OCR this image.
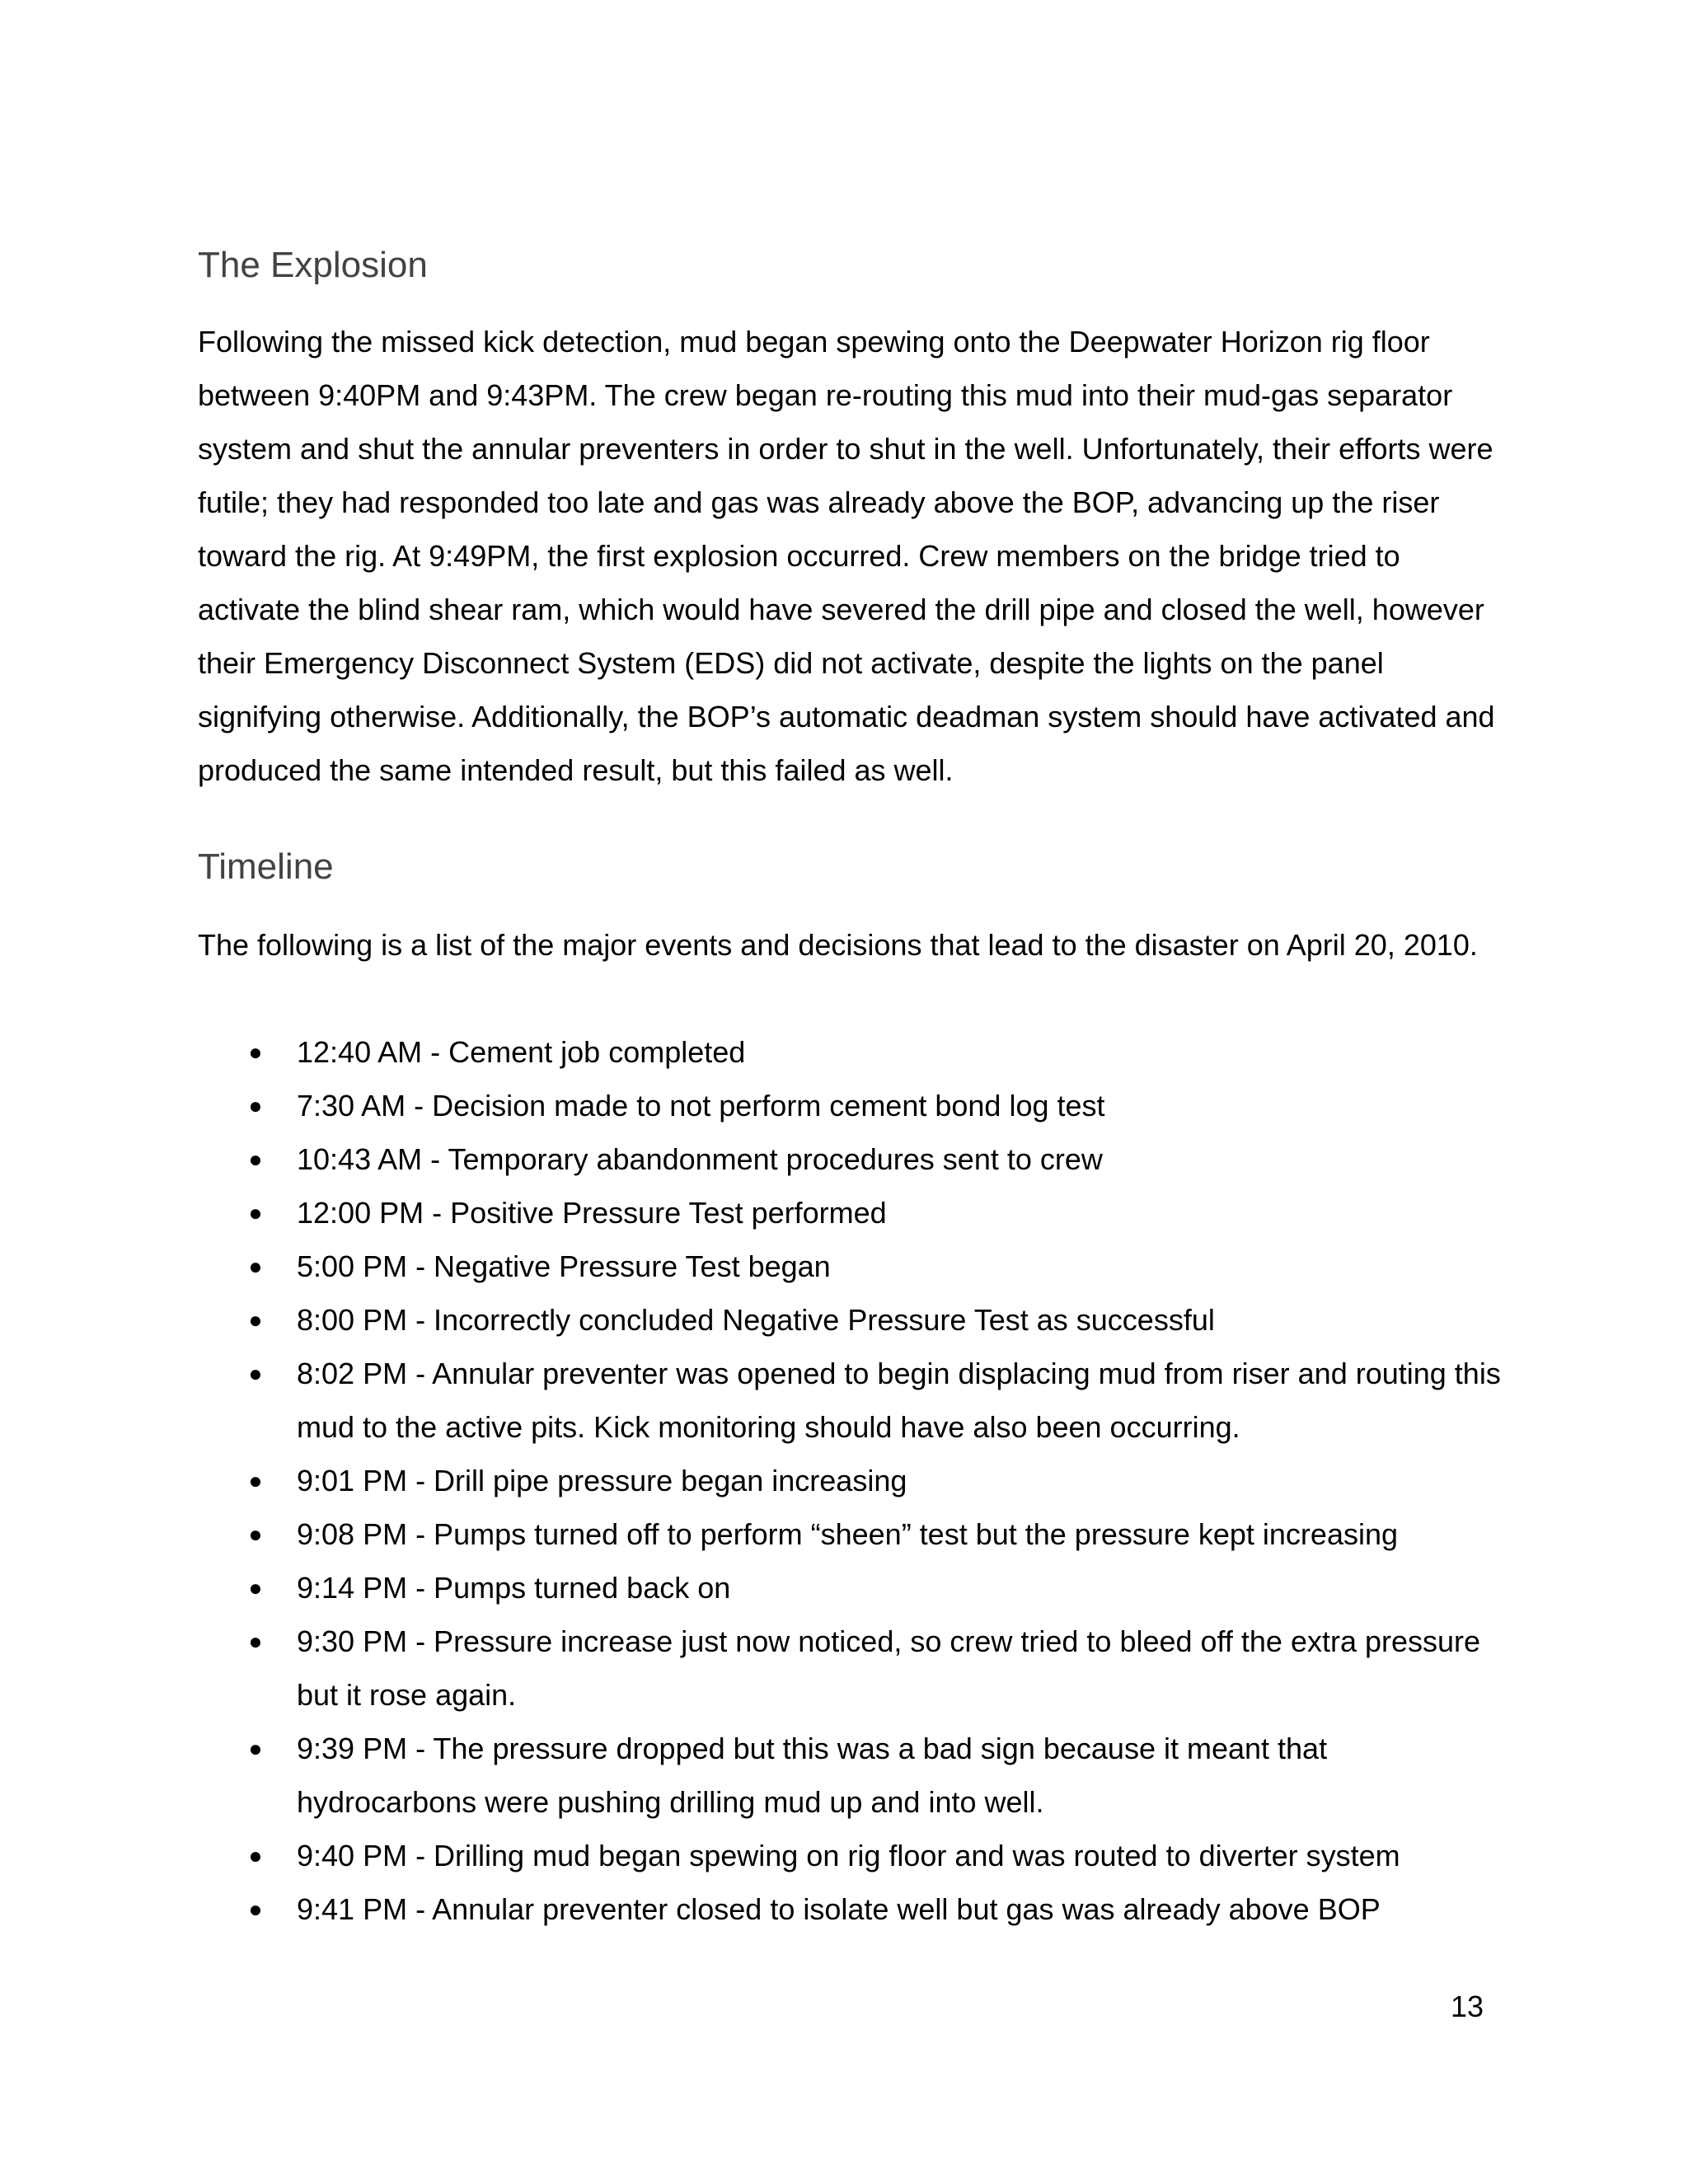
The Explosion

Following the missed kick detection, mud began spewing onto the Deepwater Horizon rig floor between 9:40PM and 9:43PM. The crew began re-routing this mud into their mud-gas separator system and shut the annular preventers in order to shut in the well. Unfortunately, their efforts were futile; they had responded too late and gas was already above the BOP, advancing up the riser toward the rig. At 9:49PM, the first explosion occurred. Crew members on the bridge tried to activate the blind shear ram, which would have severed the drill pipe and closed the well, however their Emergency Disconnect System (EDS) did not activate, despite the lights on the panel signifying otherwise. Additionally, the BOP’s automatic deadman system should have activated and produced the same intended result, but this failed as well.

Timeline

The following is a list of the major events and decisions that lead to the disaster on April 20, 2010.

● 12:40 AM - Cement job completed
● 7:30 AM - Decision made to not perform cement bond log test
● 10:43 AM - Temporary abandonment procedures sent to crew
● 12:00 PM - Positive Pressure Test performed
● 5:00 PM - Negative Pressure Test began
● 8:00 PM - Incorrectly concluded Negative Pressure Test as successful
● 8:02 PM - Annular preventer was opened to begin displacing mud from riser and routing this mud to the active pits. Kick monitoring should have also been occurring.
● 9:01 PM - Drill pipe pressure began increasing
● 9:08 PM - Pumps turned off to perform “sheen” test but the pressure kept increasing
● 9:14 PM - Pumps turned back on
● 9:30 PM - Pressure increase just now noticed, so crew tried to bleed off the extra pressure but it rose again.
● 9:39 PM - The pressure dropped but this was a bad sign because it meant that hydrocarbons were pushing drilling mud up and into well.
● 9:40 PM - Drilling mud began spewing on rig floor and was routed to diverter system
● 9:41 PM - Annular preventer closed to isolate well but gas was already above BOP
13
